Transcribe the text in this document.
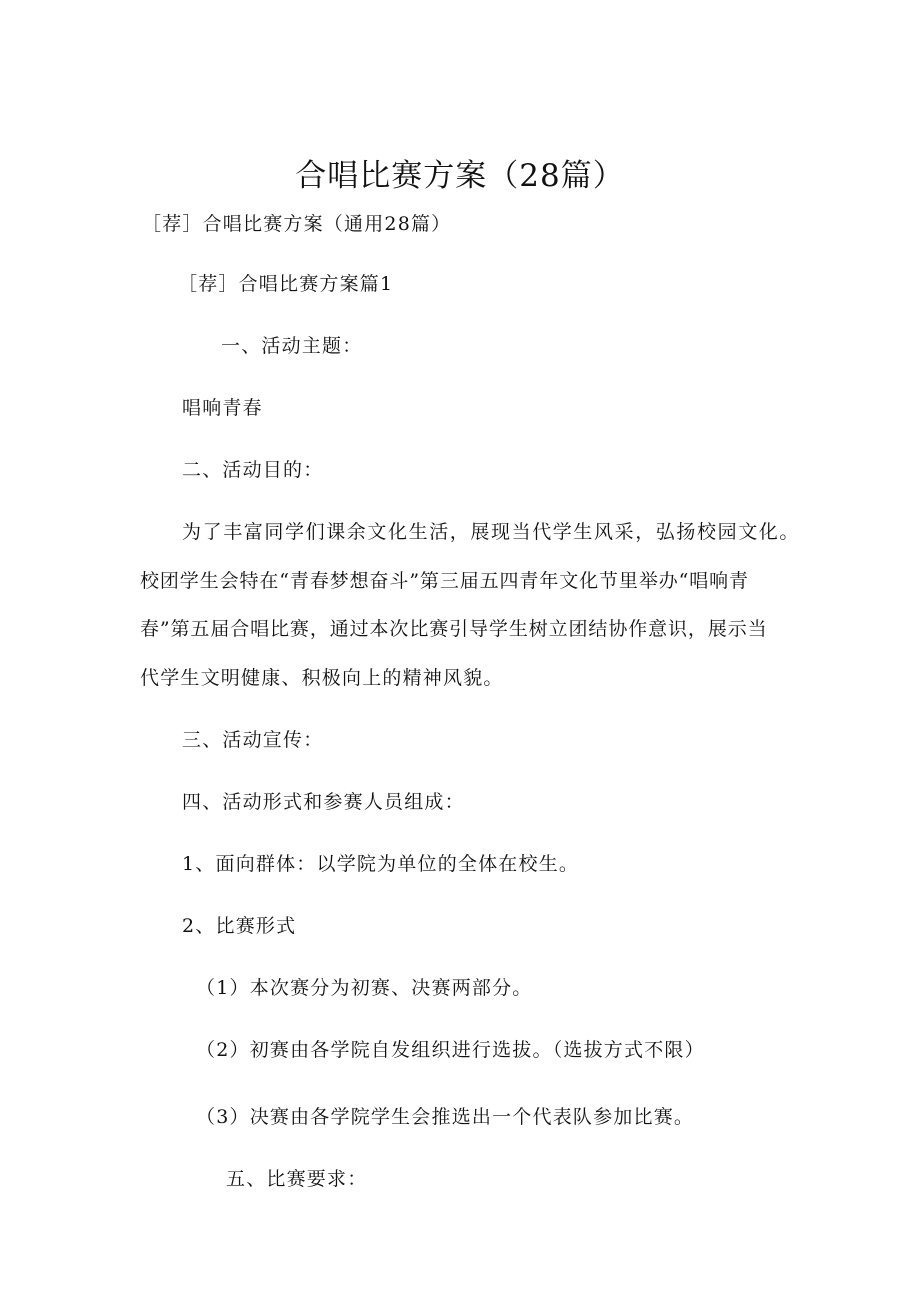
合唱比赛方案（28篇）
［荐］合唱比赛方案（通用28篇）
［荐］合唱比赛方案篇1
一、活动主题：
唱响青春
二、活动目的：
为了丰富同学们课余文化生活，展现当代学生风采，弘扬校园文化。
校团学生会特在“青春梦想奋斗”第三届五四青年文化节里举办“唱响青
春”第五届合唱比赛，通过本次比赛引导学生树立团结协作意识，展示当
代学生文明健康、积极向上的精神风貌。
三、活动宣传：
四、活动形式和参赛人员组成：
1、面向群体：以学院为单位的全体在校生。
2、比赛形式
（1）本次赛分为初赛、决赛两部分。
（2）初赛由各学院自发组织进行选拔。（选拔方式不限）
（3）决赛由各学院学生会推选出一个代表队参加比赛。
五、比赛要求：
